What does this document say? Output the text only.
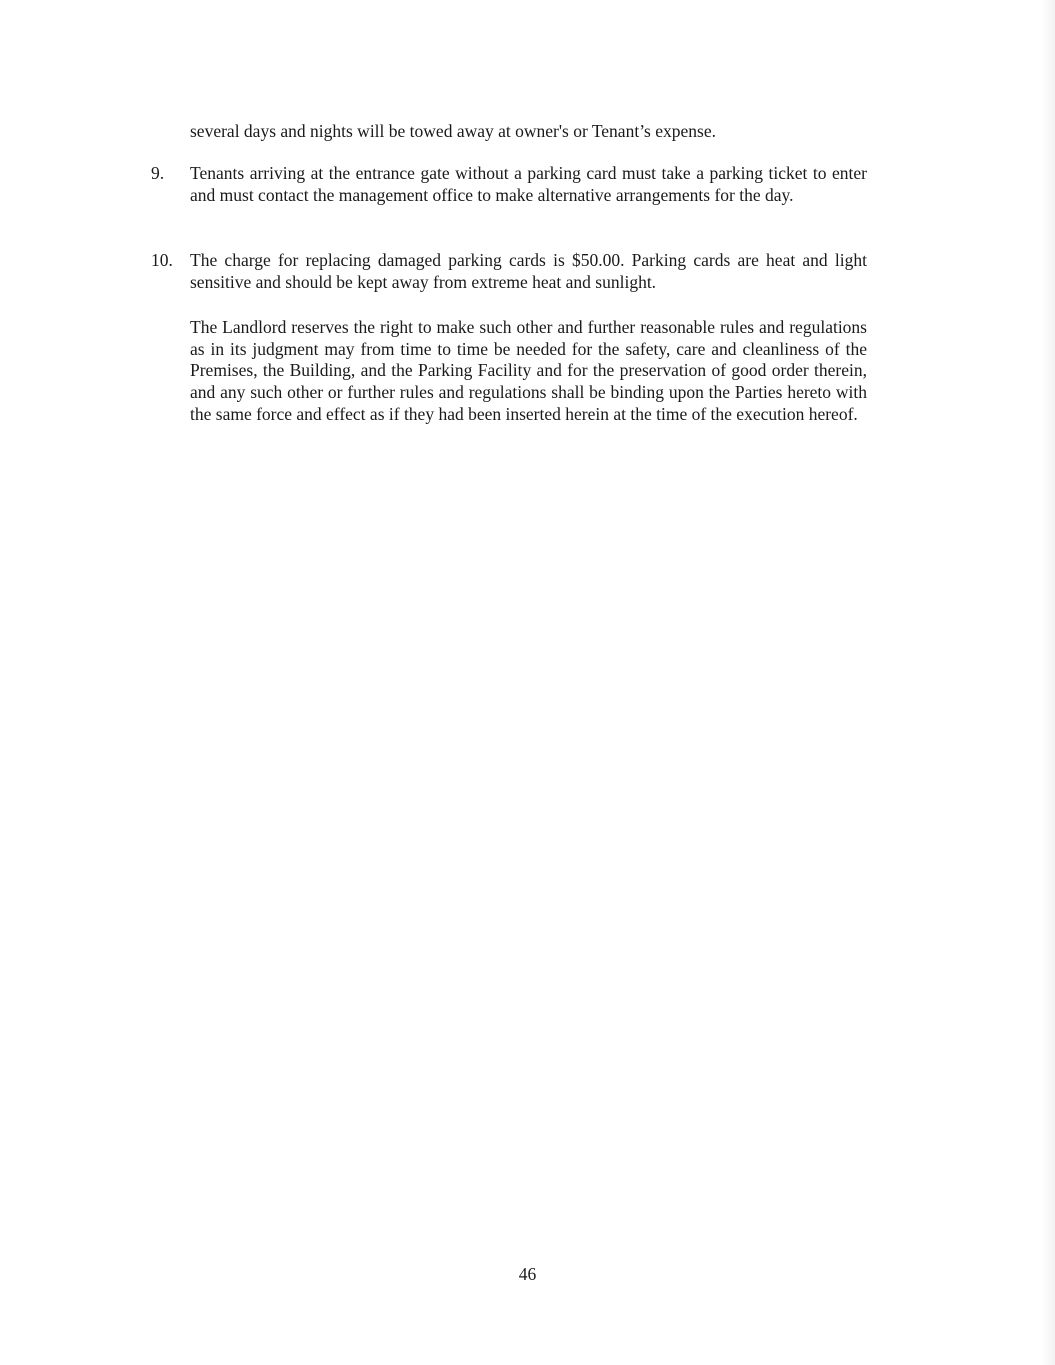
several days and nights will be towed away at owner's or Tenant’s expense.
9.	Tenants arriving at the entrance gate without a parking card must take a parking ticket to enter and must contact the management office to make alternative arrangements for the day.
10. The charge for replacing damaged parking cards is $50.00. Parking cards are heat and light sensitive and should be kept away from extreme heat and sunlight.
The Landlord reserves the right to make such other and further reasonable rules and regulations as in its judgment may from time to time be needed for the safety, care and cleanliness of the Premises, the Building, and the Parking Facility and for the preservation of good order therein, and any such other or further rules and regulations shall be binding upon the Parties hereto with the same force and effect as if they had been inserted herein at the time of the execution hereof.
46
